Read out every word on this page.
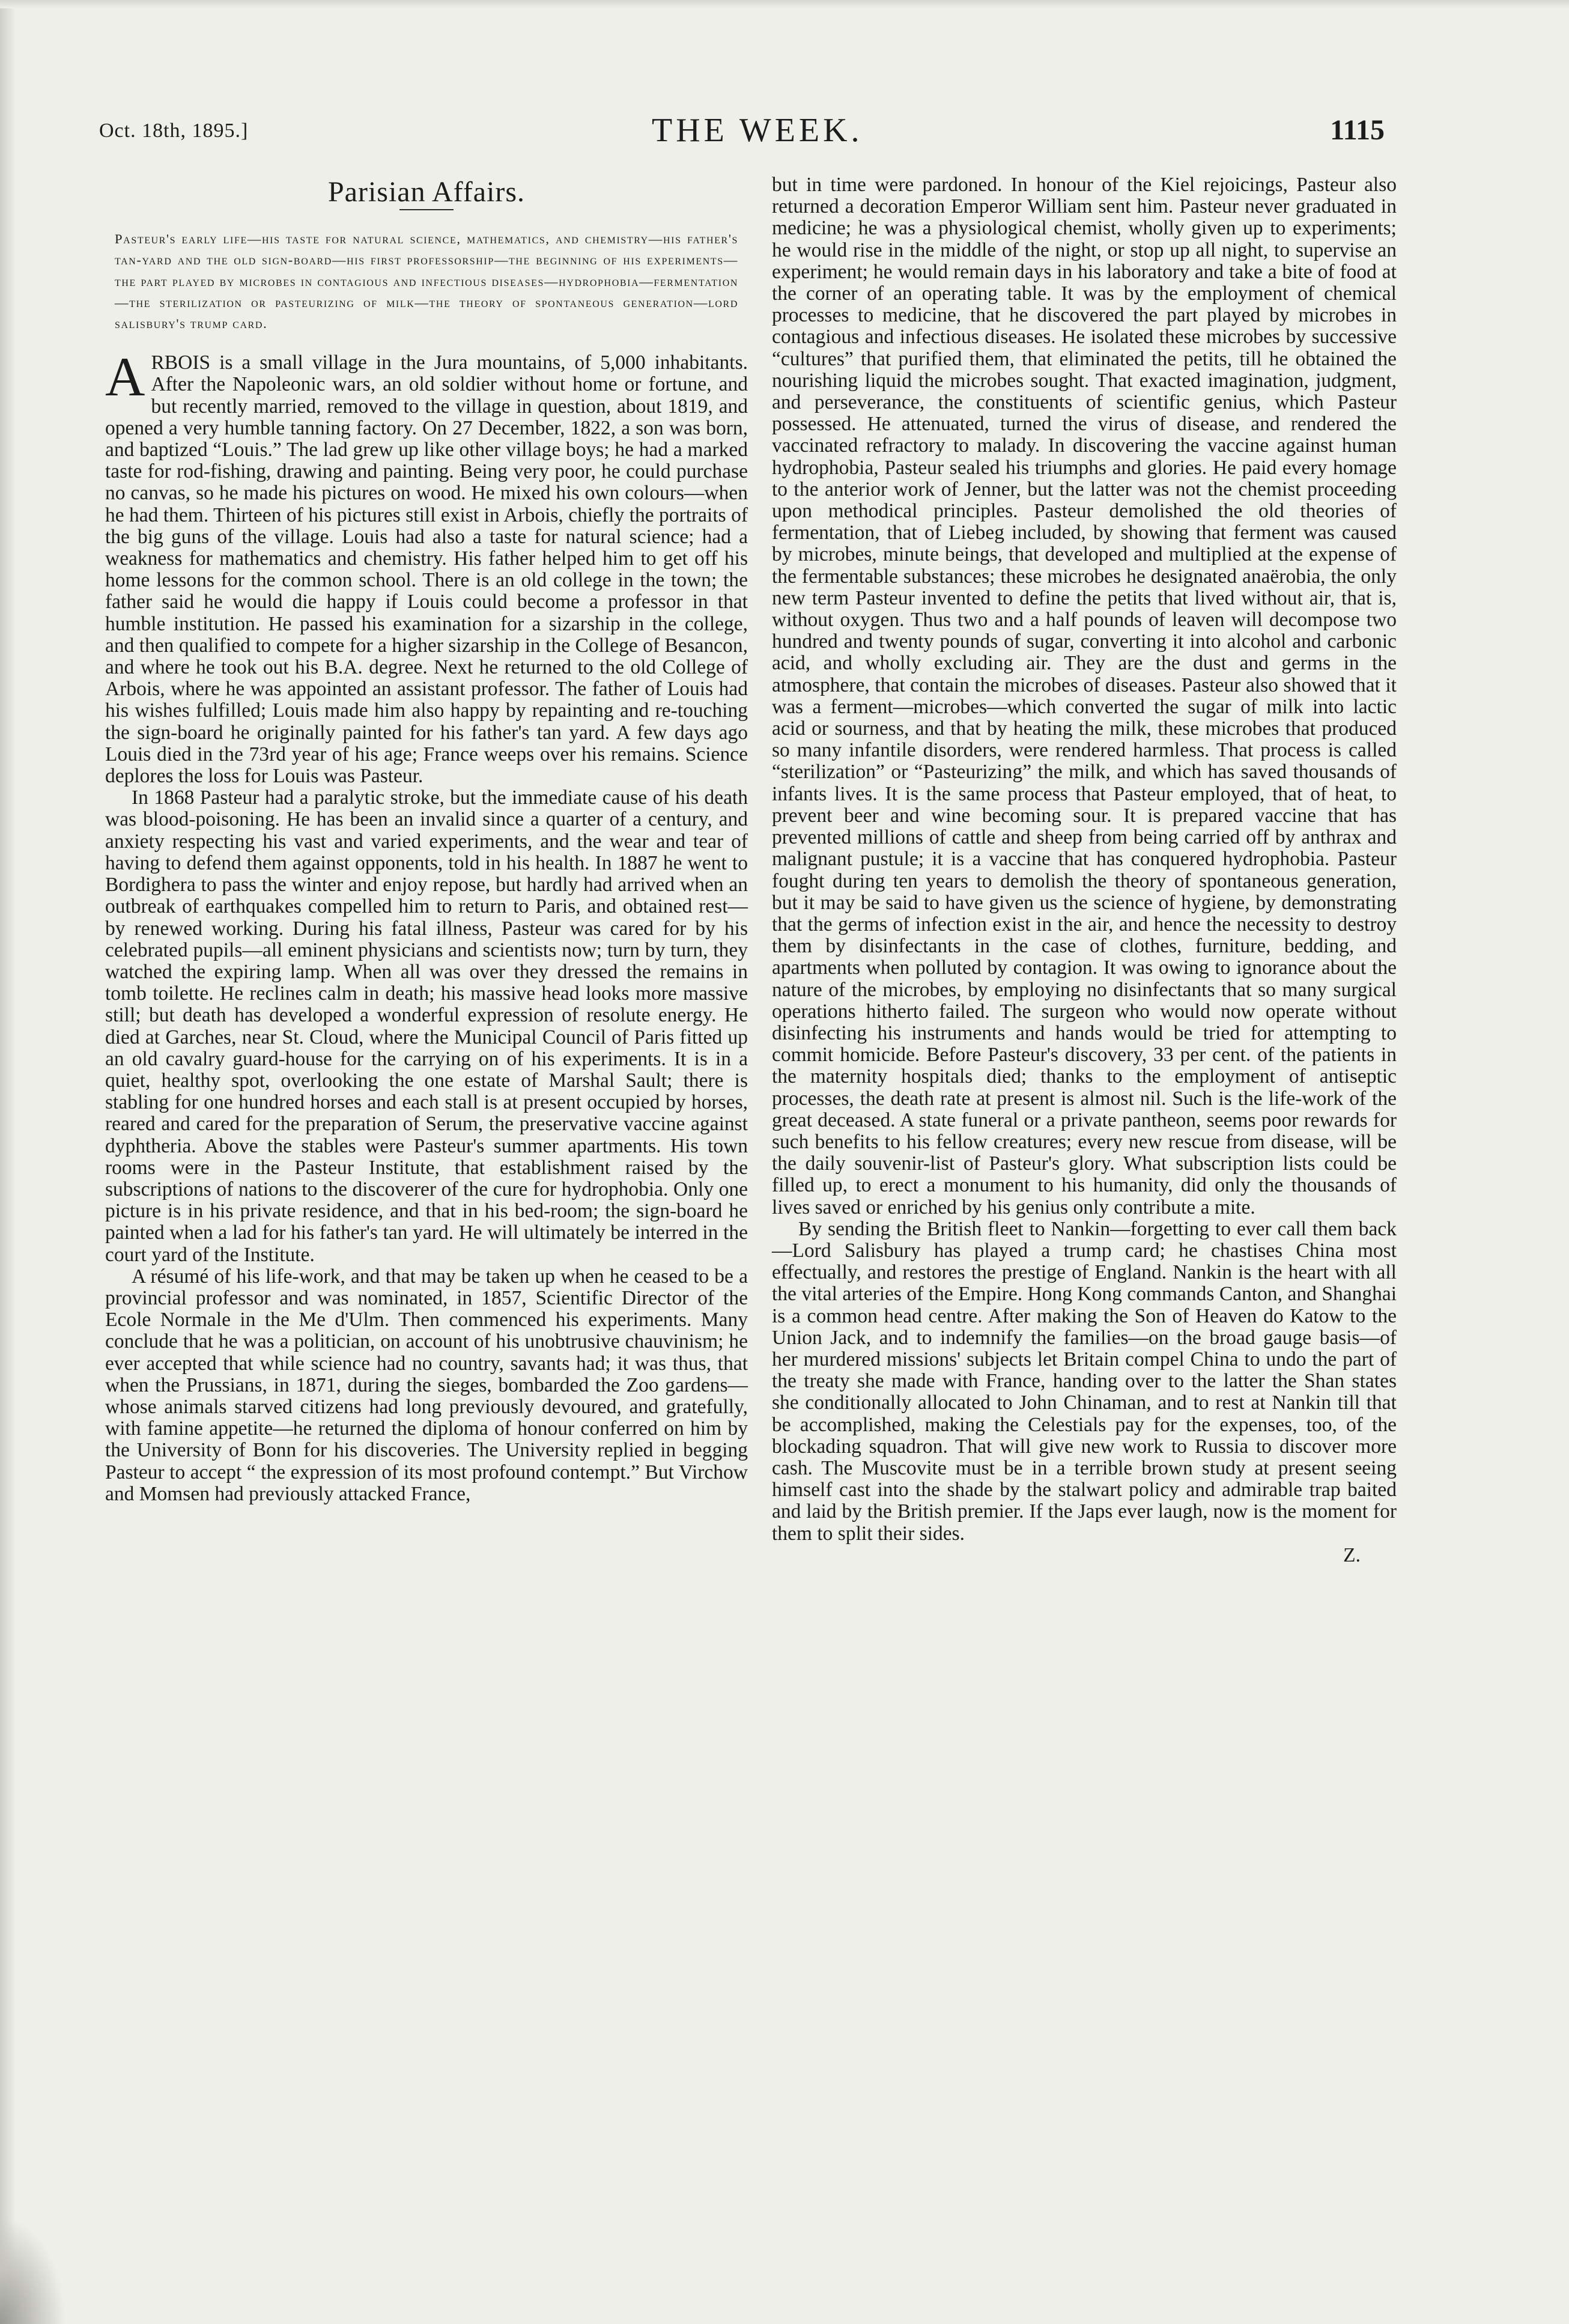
Oct. 18th, 1895.]	THE WEEK.	1115
Parisian Affairs.
Pasteur's early life—his taste for natural science, mathematics, and chemistry—his father's tan-yard and the old sign-board—his first professorship—the beginning of his experiments—the part played by microbes in contagious and infectious diseases—hydrophobia—fermentation—the sterilization or pasteurizing of milk—the theory of spontaneous generation—lord salisbury's trump card.

ARBOIS is a small village in the Jura mountains, of 5,000 inhabitants. After the Napoleonic wars, an old soldier without home or fortune, and but recently married, removed to the village in question, about 1819, and opened a very humble tanning factory. On 27 December, 1822, a son was born, and baptized “Louis.” The lad grew up like other village boys; he had a marked taste for rod-fishing, drawing and painting. Being very poor, he could purchase no canvas, so he made his pictures on wood. He mixed his own colours—when he had them. Thirteen of his pictures still exist in Arbois, chiefly the portraits of the big guns of the village. Louis had also a taste for natural science; had a weakness for mathematics and chemistry. His father helped him to get off his home lessons for the common school. There is an old college in the town; the father said he would die happy if Louis could become a professor in that humble institution. He passed his examination for a sizarship in the college, and then qualified to compete for a higher sizarship in the College of Besancon, and where he took out his B.A. degree. Next he returned to the old College of Arbois, where he was appointed an assistant professor. The father of Louis had his wishes fulfilled; Louis made him also happy by repainting and re-touching the sign-board he originally painted for his father's tan yard. A few days ago Louis died in the 73rd year of his age; France weeps over his remains. Science deplores the loss for Louis was Pasteur.

In 1868 Pasteur had a paralytic stroke, but the immediate cause of his death was blood-poisoning. He has been an invalid since a quarter of a century, and anxiety respecting his vast and varied experiments, and the wear and tear of having to defend them against opponents, told in his health. In 1887 he went to Bordighera to pass the winter and enjoy repose, but hardly had arrived when an outbreak of earthquakes compelled him to return to Paris, and obtained rest—by renewed working. During his fatal illness, Pasteur was cared for by his celebrated pupils—all eminent physicians and scientists now; turn by turn, they watched the expiring lamp. When all was over they dressed the remains in tomb toilette. He reclines calm in death; his massive head looks more massive still; but death has developed a wonderful expression of resolute energy. He died at Garches, near St. Cloud, where the Municipal Council of Paris fitted up an old cavalry guard-house for the carrying on of his experiments. It is in a quiet, healthy spot, overlooking the one estate of Marshal Sault; there is stabling for one hundred horses and each stall is at present occupied by horses, reared and cared for the preparation of Serum, the preservative vaccine against dyphtheria. Above the stables were Pasteur's summer apartments. His town rooms were in the Pasteur Institute, that establishment raised by the subscriptions of nations to the discoverer of the cure for hydrophobia. Only one picture is in his private residence, and that in his bed-room; the sign-board he painted when a lad for his father's tan yard. He will ultimately be interred in the court yard of the Institute.

A résumé of his life-work, and that may be taken up when he ceased to be a provincial professor and was nominated, in 1857, Scientific Director of the Ecole Normale in the Me d'Ulm. Then commenced his experiments. Many conclude that he was a politician, on account of his unobtrusive chauvinism; he ever accepted that while science had no country, savants had; it was thus, that when the Prussians, in 1871, during the sieges, bombarded the Zoo gardens—whose animals starved citizens had long previously devoured, and gratefully, with famine appetite—he returned the diploma of honour conferred on him by the University of Bonn for his discoveries. The University replied in begging Pasteur to accept “ the expression of its most profound contempt.” But Virchow and Momsen had previously attacked France,

but in time were pardoned. In honour of the Kiel rejoicings, Pasteur also returned a decoration Emperor William sent him. Pasteur never graduated in medicine; he was a physiological chemist, wholly given up to experiments; he would rise in the middle of the night, or stop up all night, to supervise an experiment; he would remain days in his laboratory and take a bite of food at the corner of an operating table. It was by the employment of chemical processes to medicine, that he discovered the part played by microbes in contagious and infectious diseases. He isolated these microbes by successive “cultures” that purified them, that eliminated the petits, till he obtained the nourishing liquid the microbes sought. That exacted imagination, judgment, and perseverance, the constituents of scientific genius, which Pasteur possessed. He attenuated, turned the virus of disease, and rendered the vaccinated refractory to malady. In discovering the vaccine against human hydrophobia, Pasteur sealed his triumphs and glories. He paid every homage to the anterior work of Jenner, but the latter was not the chemist proceeding upon methodical principles. Pasteur demolished the old theories of fermentation, that of Liebeg included, by showing that ferment was caused by microbes, minute beings, that developed and multiplied at the expense of the fermentable substances; these microbes he designated anaërobia, the only new term Pasteur invented to define the petits that lived without air, that is, without oxygen. Thus two and a half pounds of leaven will decompose two hundred and twenty pounds of sugar, converting it into alcohol and carbonic acid, and wholly excluding air. They are the dust and germs in the atmosphere, that contain the microbes of diseases. Pasteur also showed that it was a ferment—microbes—which converted the sugar of milk into lactic acid or sourness, and that by heating the milk, these microbes that produced so many infantile disorders, were rendered harmless. That process is called “sterilization” or “Pasteurizing” the milk, and which has saved thousands of infants lives. It is the same process that Pasteur employed, that of heat, to prevent beer and wine becoming sour. It is prepared vaccine that has prevented millions of cattle and sheep from being carried off by anthrax and malignant pustule; it is a vaccine that has conquered hydrophobia. Pasteur fought during ten years to demolish the theory of spontaneous generation, but it may be said to have given us the science of hygiene, by demonstrating that the germs of infection exist in the air, and hence the necessity to destroy them by disinfectants in the case of clothes, furniture, bedding, and apartments when polluted by contagion. It was owing to ignorance about the nature of the microbes, by employing no disinfectants that so many surgical operations hitherto failed. The surgeon who would now operate without disinfecting his instruments and hands would be tried for attempting to commit homicide. Before Pasteur's discovery, 33 per cent. of the patients in the maternity hospitals died; thanks to the employment of antiseptic processes, the death rate at present is almost nil. Such is the life-work of the great deceased. A state funeral or a private pantheon, seems poor rewards for such benefits to his fellow creatures; every new rescue from disease, will be the daily souvenir-list of Pasteur's glory. What subscription lists could be filled up, to erect a monument to his humanity, did only the thousands of lives saved or enriched by his genius only contribute a mite.

By sending the British fleet to Nankin—forgetting to ever call them back—Lord Salisbury has played a trump card; he chastises China most effectually, and restores the prestige of England. Nankin is the heart with all the vital arteries of the Empire. Hong Kong commands Canton, and Shanghai is a common head centre. After making the Son of Heaven do Katow to the Union Jack, and to indemnify the families—on the broad gauge basis—of her murdered missions' subjects let Britain compel China to undo the part of the treaty she made with France, handing over to the latter the Shan states she conditionally allocated to John Chinaman, and to rest at Nankin till that be accomplished, making the Celestials pay for the expenses, too, of the blockading squadron. That will give new work to Russia to discover more cash. The Muscovite must be in a terrible brown study at present seeing himself cast into the shade by the stalwart policy and admirable trap baited and laid by the British premier. If the Japs ever laugh, now is the moment for them to split their sides.

Z.
